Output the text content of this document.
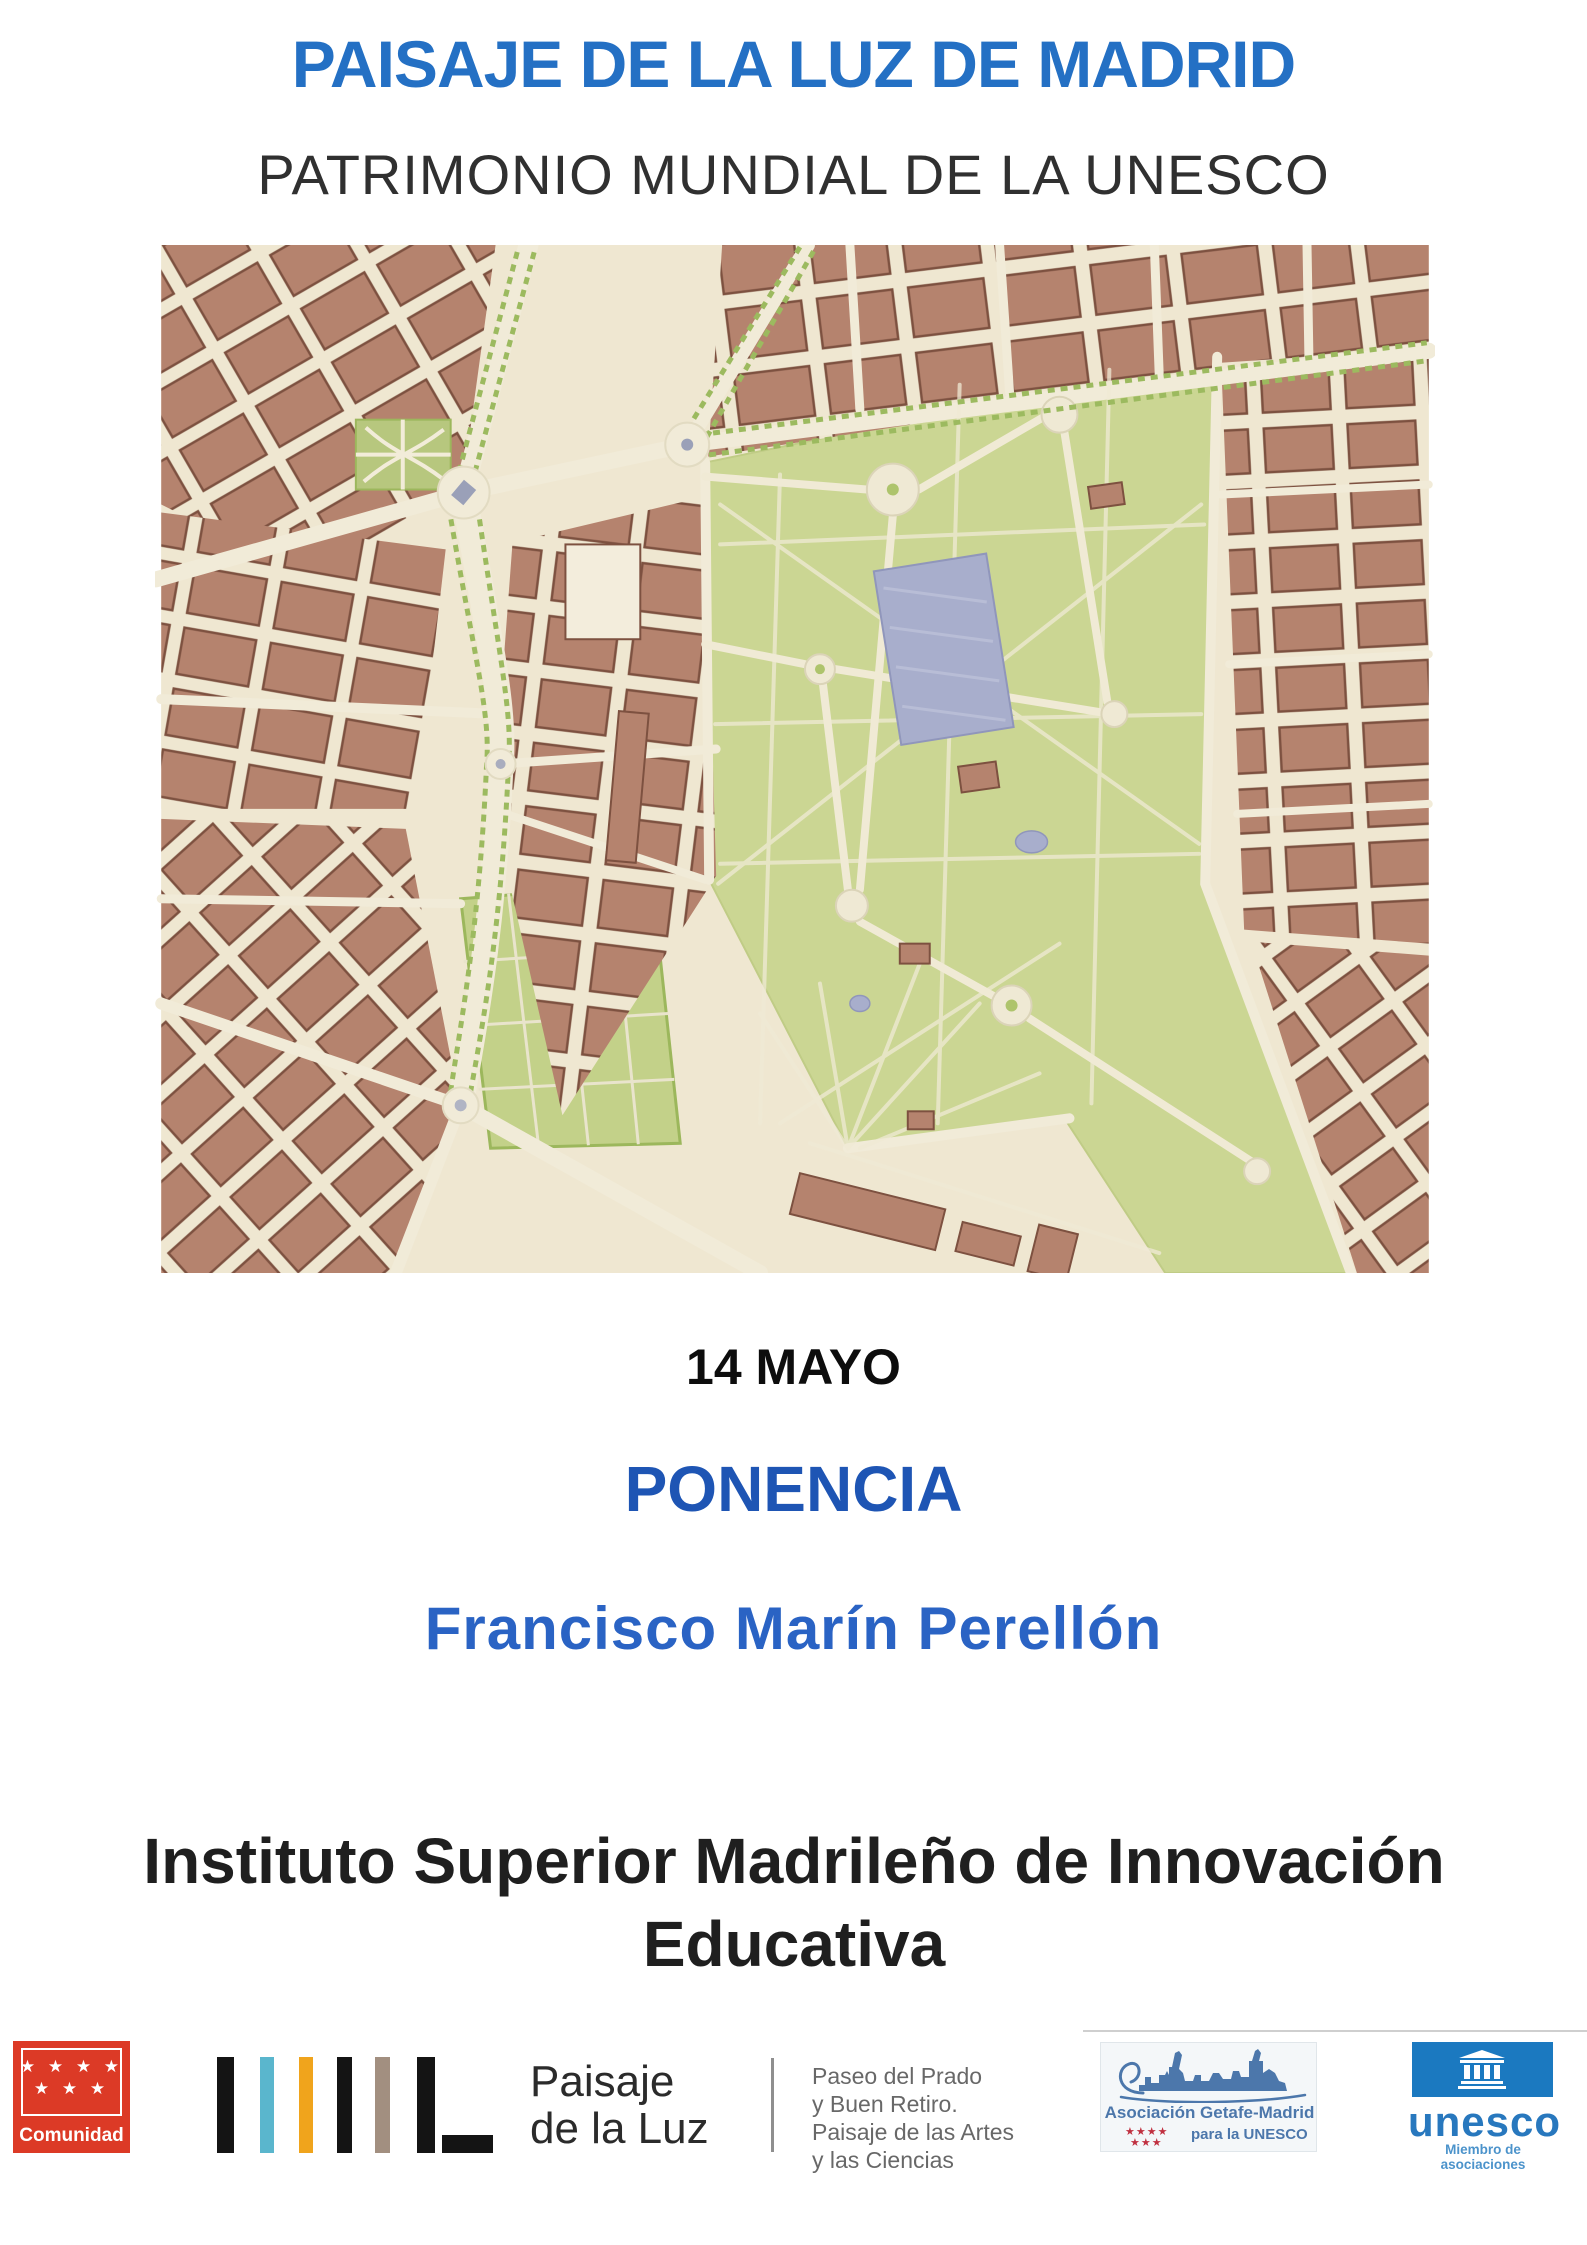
PAISAJE DE LA LUZ DE MADRID
PATRIMONIO MUNDIAL DE LA UNESCO
14 MAYO
PONENCIA
Francisco Marín Perellón
Instituto Superior Madrileño de Innovación Educativa
★ ★ ★ ★
★ ★ ★
Comunidad
Paisaje
de la Luz
Paseo del Prado
y Buen Retiro.
Paisaje de las Artes
y las Ciencias
Asociación Getafe-Madrid
para la UNESCO
★★★★
★★★	unesco
Miembro de asociaciones
